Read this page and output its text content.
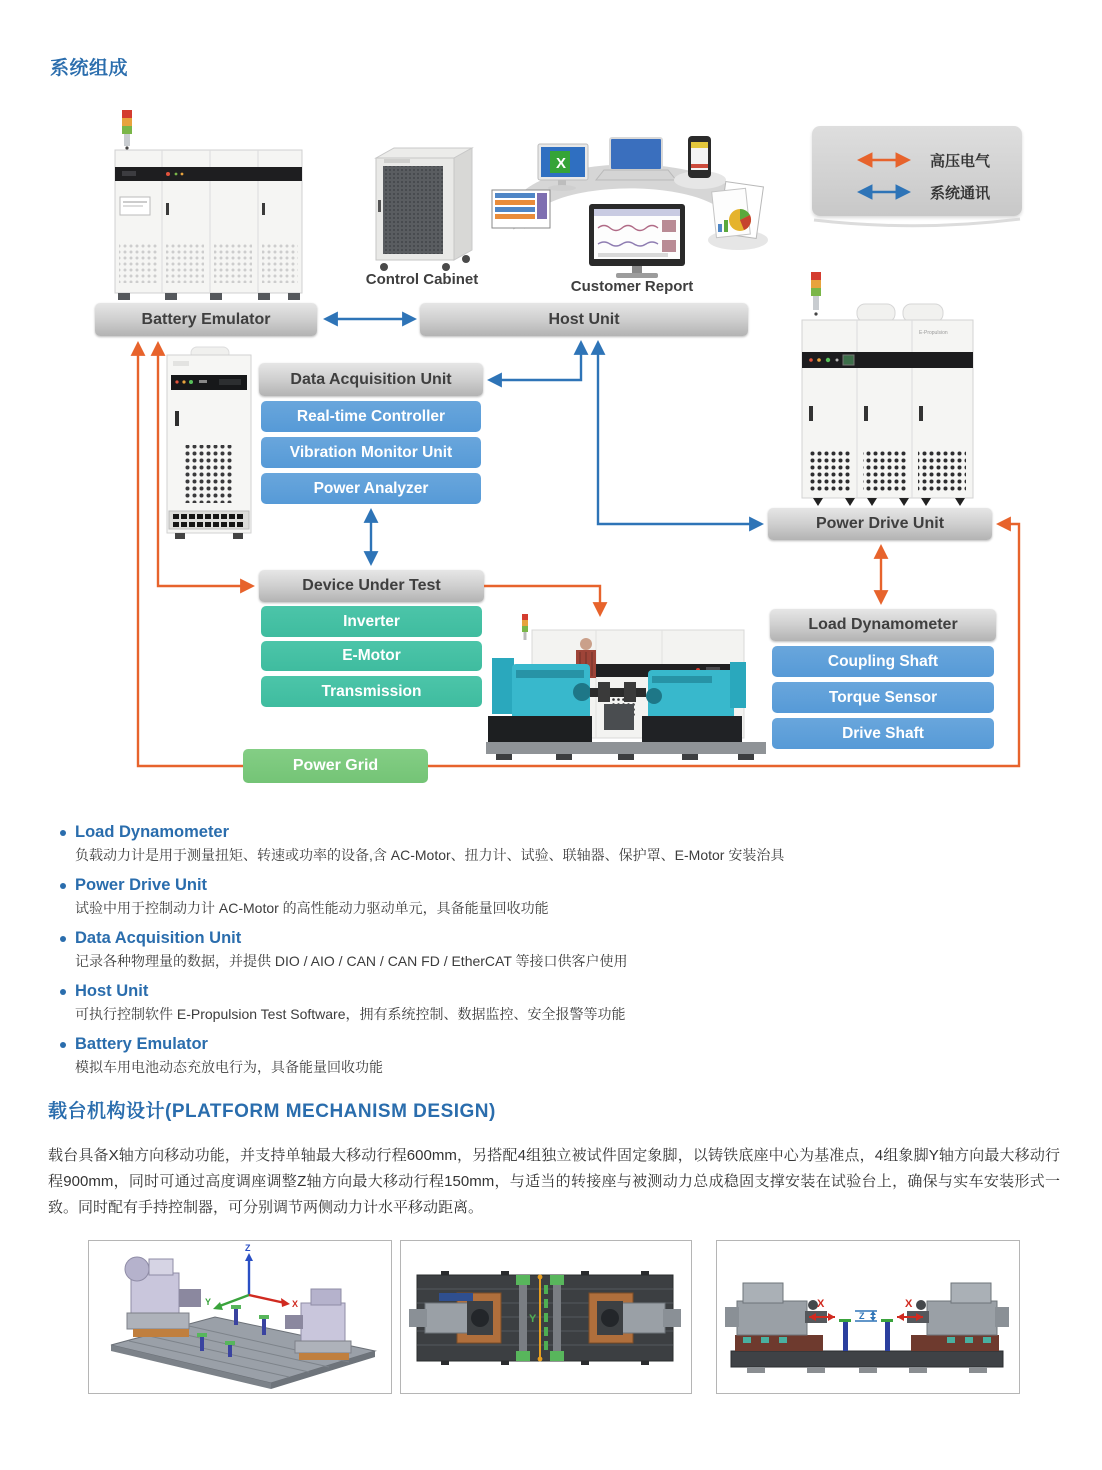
系统组成
Control Cabinet
X
Customer Report
高压电气
系统通讯
E-Propulsion
Battery Emulator	Host Unit
Data Acquisition Unit
Real-time Controller
Vibration Monitor Unit
Power Analyzer
Device Under Test
Inverter
E-Motor
Transmission
Power Grid
Power Drive Unit
Load Dynamometer
Coupling Shaft
Torque Sensor
Drive Shaft
Load Dynamometer
负载动力计是用于测量扭矩、转速或功率的设备,含 AC-Motor、扭力计、试验、联轴器、保护罩、E-Motor 安装治具
Power Drive Unit
试验中用于控制动力计 AC-Motor 的高性能动力驱动单元，具备能量回收功能
Data Acquisition Unit
记录各种物理量的数据，并提供 DIO / AIO / CAN / CAN FD / EtherCAT 等接口供客户使用
Host Unit
可执行控制软件 E-Propulsion Test Software，拥有系统控制、数据监控、安全报警等功能
Battery Emulator
模拟车用电池动态充放电行为，具备能量回收功能
载台机构设计(PLATFORM MECHANISM DESIGN)
载台具备X轴方向移动功能，并支持单轴最大移动行程600mm，另搭配4组独立被试件固定象脚，以铸铁底座中心为基准点，4组象脚Y轴方向最大移动行程900mm，同时可通过高度调座调整Z轴方向最大移动行程150mm，与适当的转接座与被测动力总成稳固支撑安装在试验台上，确保与实车安装形式一致。同时配有手持控制器，可分别调节两侧动力计水平移动距离。
Z
Y	X
Y
X	X
Z
